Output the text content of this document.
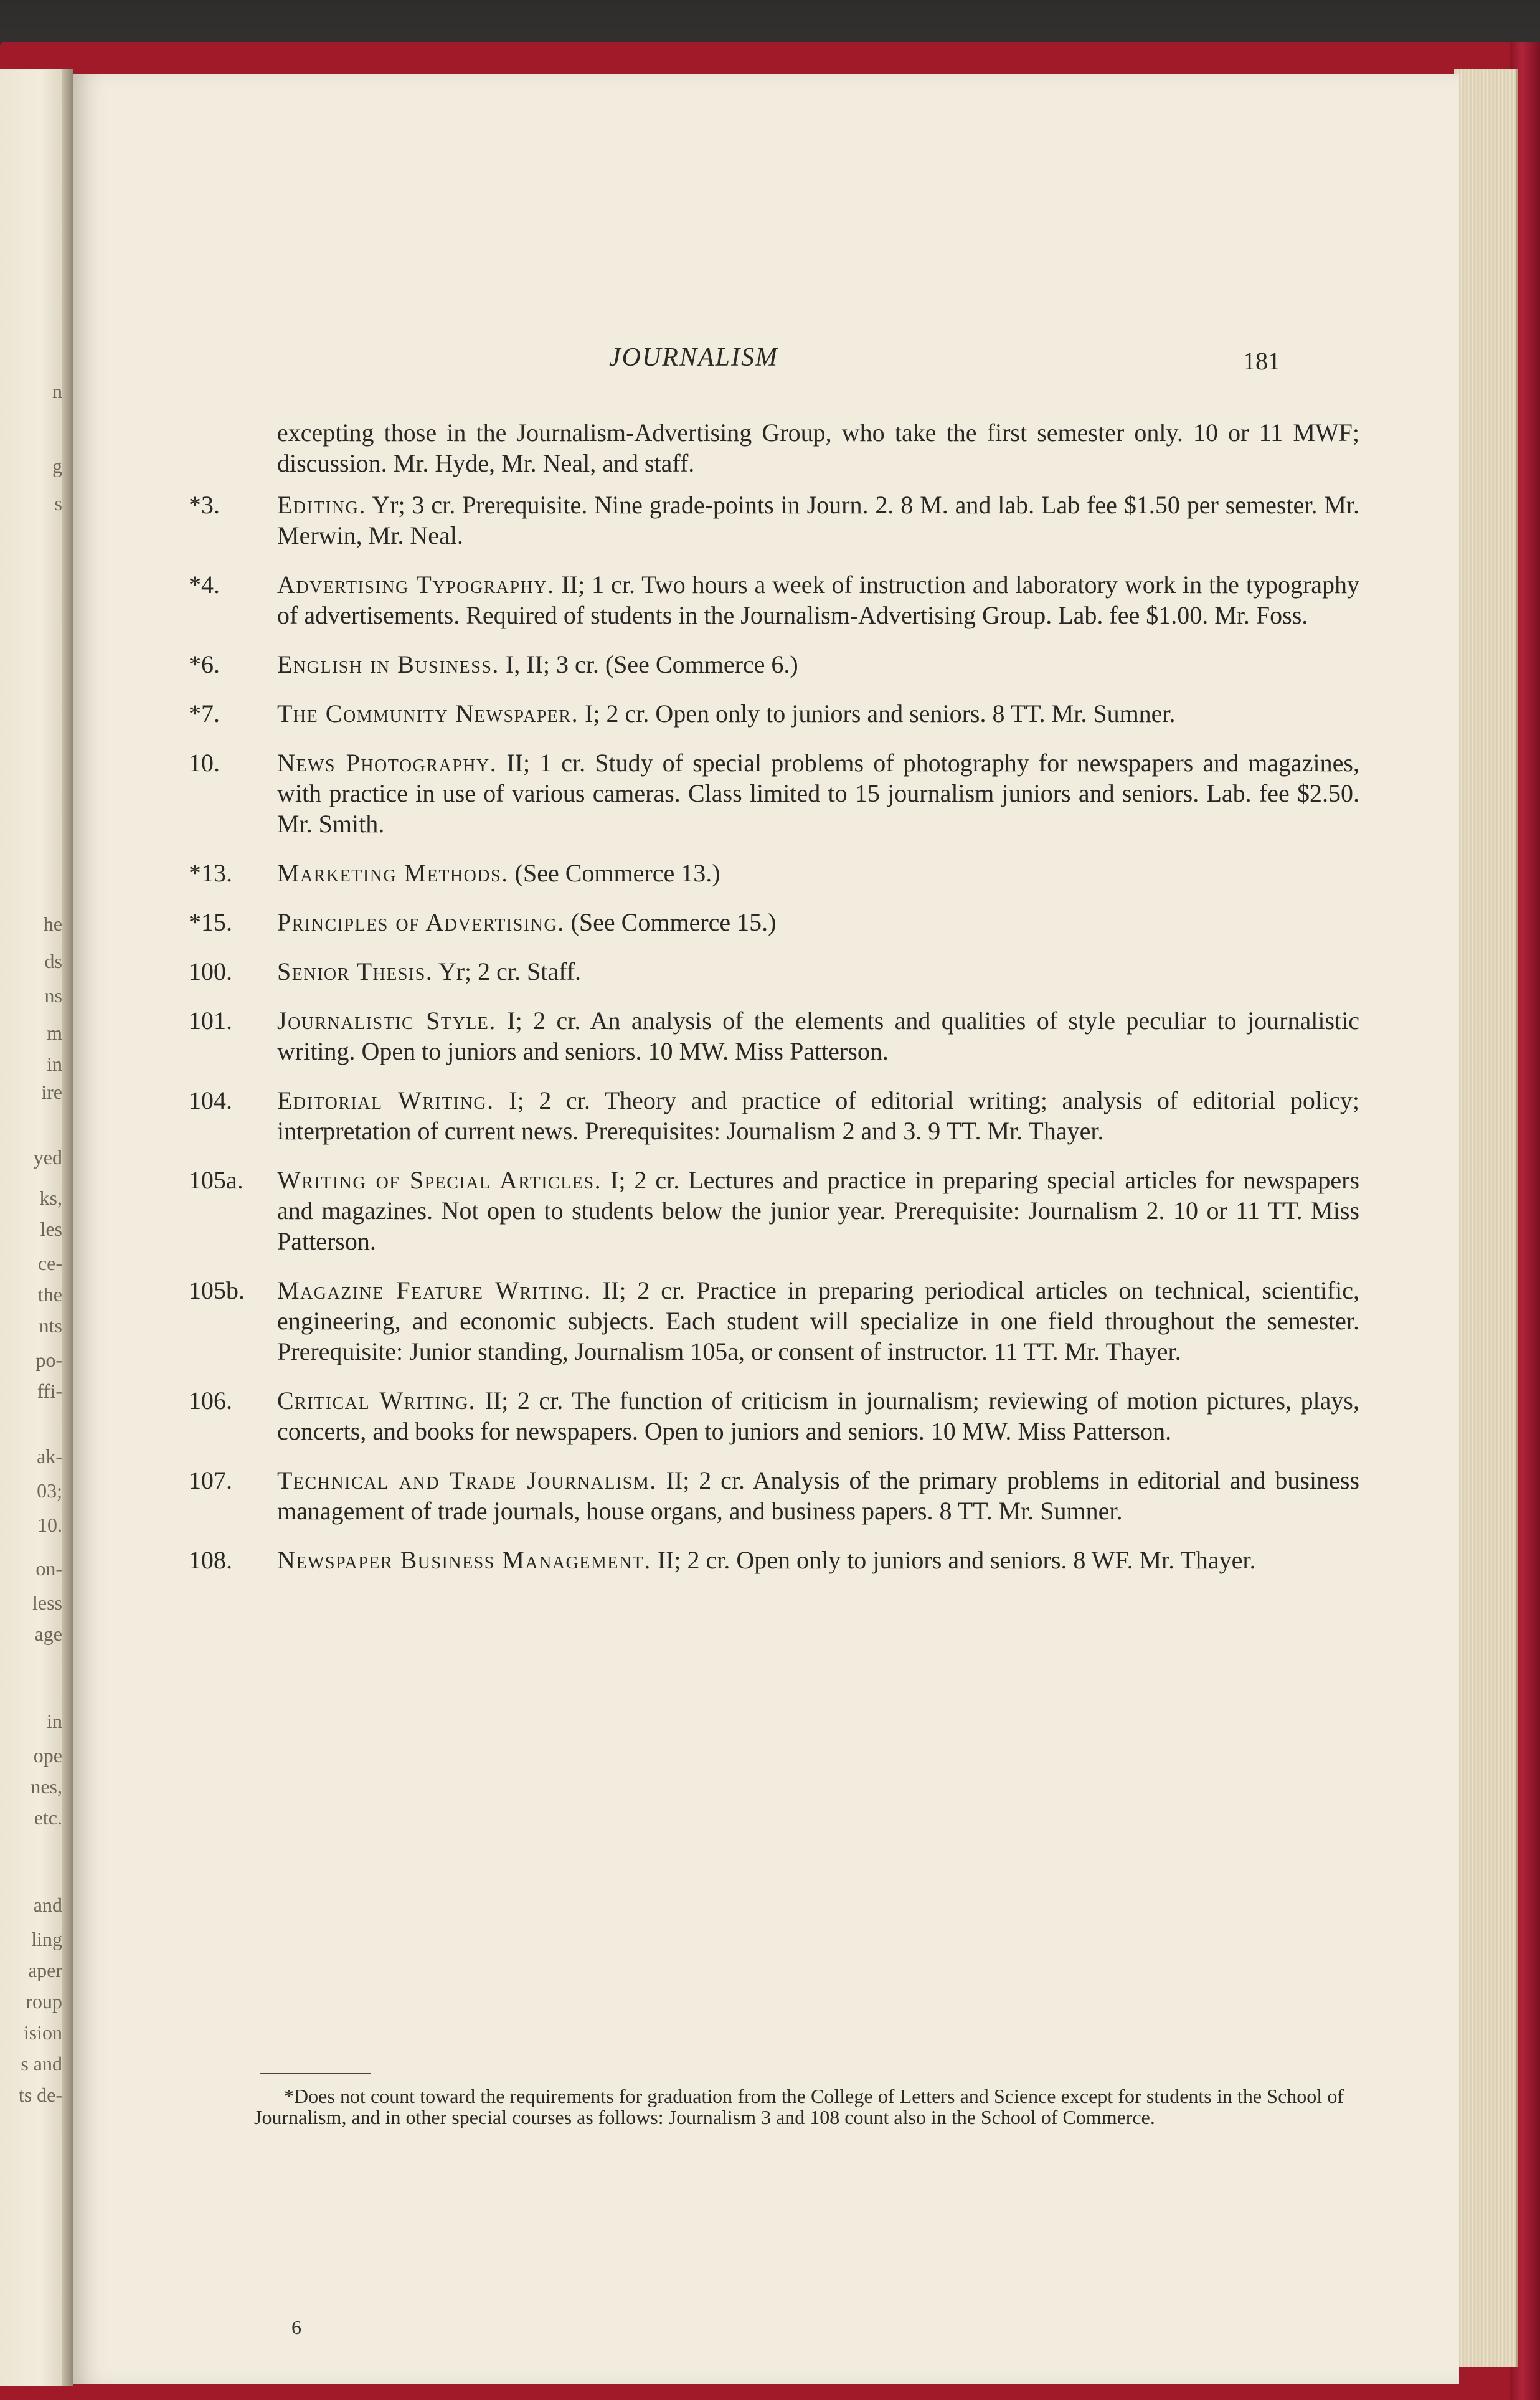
n
g
s
he
ds
ns
m
in
ire
yed
ks,
les
ce-
the
nts
po-
ffi-
ak-
03;
10.
on-
less
age
in
ope
nes,
etc.
and
ling
aper
roup
ision
s and
ts de-
JOURNALISM	181
excepting those in the Journalism-Advertising Group, who take the first semester only. 10 or 11 MWF; discussion. Mr. Hyde, Mr. Neal, and staff.
*3.	Editing. Yr; 3 cr. Prerequisite. Nine grade-points in Journ. 2. 8 M. and lab. Lab fee $1.50 per semester. Mr. Merwin, Mr. Neal.
*4.	Advertising Typography. II; 1 cr. Two hours a week of instruction and laboratory work in the typography of advertisements. Required of students in the Journalism-Advertising Group. Lab. fee $1.00. Mr. Foss.
*6.	English in Business. I, II; 3 cr. (See Commerce 6.)
*7.	The Community Newspaper. I; 2 cr. Open only to juniors and seniors. 8 TT. Mr. Sumner.
10.	News Photography. II; 1 cr. Study of special problems of photography for newspapers and magazines, with practice in use of various cameras. Class limited to 15 journalism juniors and seniors. Lab. fee $2.50. Mr. Smith.
*13.	Marketing Methods. (See Commerce 13.)
*15.	Principles of Advertising. (See Commerce 15.)
100.	Senior Thesis. Yr; 2 cr. Staff.
101.	Journalistic Style. I; 2 cr. An analysis of the elements and qualities of style peculiar to journalistic writing. Open to juniors and seniors. 10 MW. Miss Patterson.
104.	Editorial Writing. I; 2 cr. Theory and practice of editorial writing; analysis of editorial policy; interpretation of current news. Prerequisites: Journalism 2 and 3. 9 TT. Mr. Thayer.
105a.	Writing of Special Articles. I; 2 cr. Lectures and practice in preparing special articles for newspapers and magazines. Not open to students below the junior year. Prerequisite: Journalism 2. 10 or 11 TT. Miss Patterson.
105b.	Magazine Feature Writing. II; 2 cr. Practice in preparing periodical articles on technical, scientific, engineering, and economic subjects. Each student will specialize in one field throughout the semester. Prerequisite: Junior standing, Journalism 105a, or consent of instructor. 11 TT. Mr. Thayer.
106.	Critical Writing. II; 2 cr. The function of criticism in journalism; reviewing of motion pictures, plays, concerts, and books for newspapers. Open to juniors and seniors. 10 MW. Miss Patterson.
107.	Technical and Trade Journalism. II; 2 cr. Analysis of the primary problems in editorial and business management of trade journals, house organs, and business papers. 8 TT. Mr. Sumner.
108.	Newspaper Business Management. II; 2 cr. Open only to juniors and seniors. 8 WF. Mr. Thayer.
*Does not count toward the requirements for graduation from the College of Letters and Science except for students in the School of Journalism, and in other special courses as follows: Journalism 3 and 108 count also in the School of Commerce.
6
